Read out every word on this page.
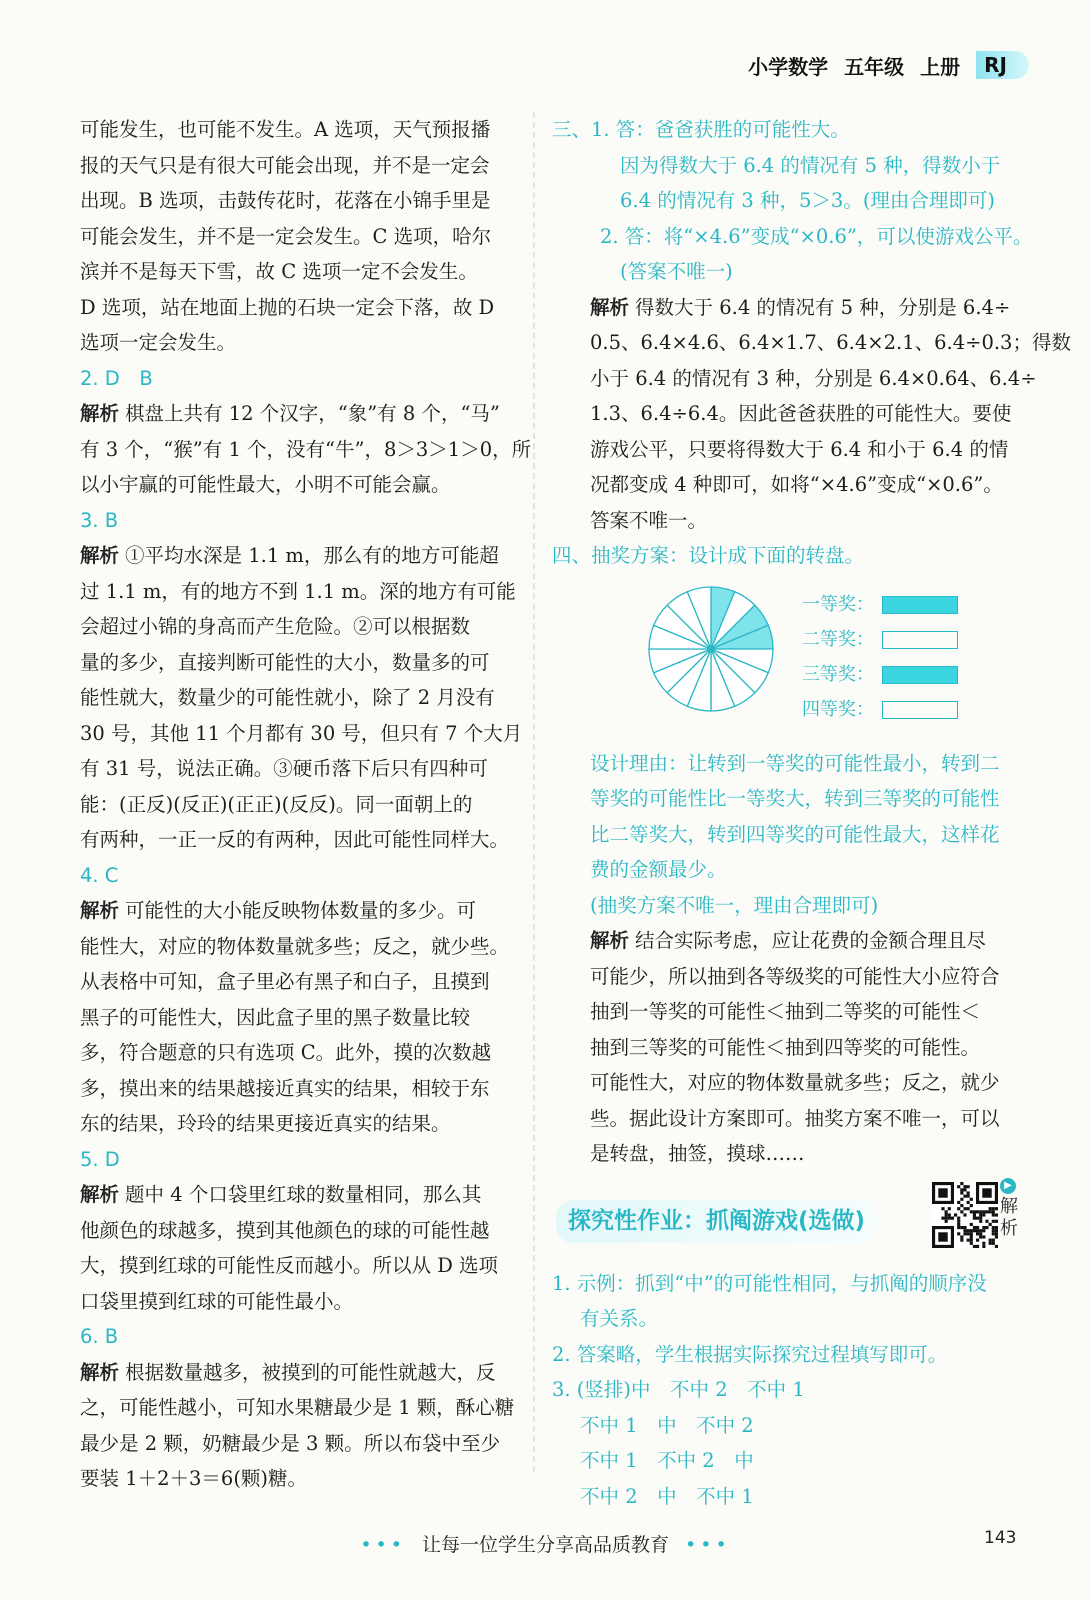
小学数学 五年级 上册	RJ
可能发生，也可能不发生。A 选项，天气预报播
报的天气只是有很大可能会出现，并不是一定会
出现。B 选项，击鼓传花时，花落在小锦手里是
可能会发生，并不是一定会发生。C 选项，哈尔
滨并不是每天下雪，故 C 选项一定不会发生。
D 选项，站在地面上抛的石块一定会下落，故 D
选项一定会发生。
2. D　B
解析 棋盘上共有 12 个汉字，“象”有 8 个，“马”
有 3 个，“猴”有 1 个，没有“牛”，8＞3＞1＞0，所
以小宇赢的可能性最大，小明不可能会赢。
3. B
解析 ①平均水深是 1.1 m，那么有的地方可能超
过 1.1 m，有的地方不到 1.1 m。深的地方有可能
会超过小锦的身高而产生危险。②可以根据数
量的多少，直接判断可能性的大小，数量多的可
能性就大，数量少的可能性就小，除了 2 月没有
30 号，其他 11 个月都有 30 号，但只有 7 个大月
有 31 号，说法正确。③硬币落下后只有四种可
能：(正反)(反正)(正正)(反反)。同一面朝上的
有两种，一正一反的有两种，因此可能性同样大。
4. C
解析 可能性的大小能反映物体数量的多少。可
能性大，对应的物体数量就多些；反之，就少些。
从表格中可知，盒子里必有黑子和白子，且摸到
黑子的可能性大，因此盒子里的黑子数量比较
多，符合题意的只有选项 C。此外，摸的次数越
多，摸出来的结果越接近真实的结果，相较于东
东的结果，玲玲的结果更接近真实的结果。
5. D
解析 题中 4 个口袋里红球的数量相同，那么其
他颜色的球越多，摸到其他颜色的球的可能性越
大，摸到红球的可能性反而越小。所以从 D 选项
口袋里摸到红球的可能性最小。
6. B
解析 根据数量越多，被摸到的可能性就越大，反
之，可能性越小，可知水果糖最少是 1 颗，酥心糖
最少是 2 颗，奶糖最少是 3 颗。所以布袋中至少
要装 1＋2＋3＝6(颗)糖。
三、1. 答：爸爸获胜的可能性大。
因为得数大于 6.4 的情况有 5 种，得数小于
6.4 的情况有 3 种，5＞3。(理由合理即可)
2. 答：将“×4.6”变成“×0.6”，可以使游戏公平。
(答案不唯一)
解析 得数大于 6.4 的情况有 5 种，分别是 6.4÷
0.5、6.4×4.6、6.4×1.7、6.4×2.1、6.4÷0.3；得数
小于 6.4 的情况有 3 种，分别是 6.4×0.64、6.4÷
1.3、6.4÷6.4。因此爸爸获胜的可能性大。要使
游戏公平，只要将得数大于 6.4 和小于 6.4 的情
况都变成 4 种即可，如将“×4.6”变成“×0.6”。
答案不唯一。
四、抽奖方案：设计成下面的转盘。
一等奖：
二等奖：
三等奖：
四等奖：
设计理由：让转到一等奖的可能性最小，转到二
等奖的可能性比一等奖大，转到三等奖的可能性
比二等奖大，转到四等奖的可能性最大，这样花
费的金额最少。
(抽奖方案不唯一，理由合理即可)
解析 结合实际考虑，应让花费的金额合理且尽
可能少，所以抽到各等级奖的可能性大小应符合
抽到一等奖的可能性＜抽到二等奖的可能性＜
抽到三等奖的可能性＜抽到四等奖的可能性。
可能性大，对应的物体数量就多些；反之，就少
些。据此设计方案即可。抽奖方案不唯一，可以
是转盘，抽签，摸球……
探究性作业：抓阄游戏(选做)
▶
解析
1. 示例：抓到“中”的可能性相同，与抓阄的顺序没
有关系。
2. 答案略，学生根据实际探究过程填写即可。
3. (竖排)中　不中 2　不中 1
不中 1　中　不中 2
不中 1　不中 2　中
不中 2　中　不中 1
••• 让每一位学生分享高品质教育 •••	143
